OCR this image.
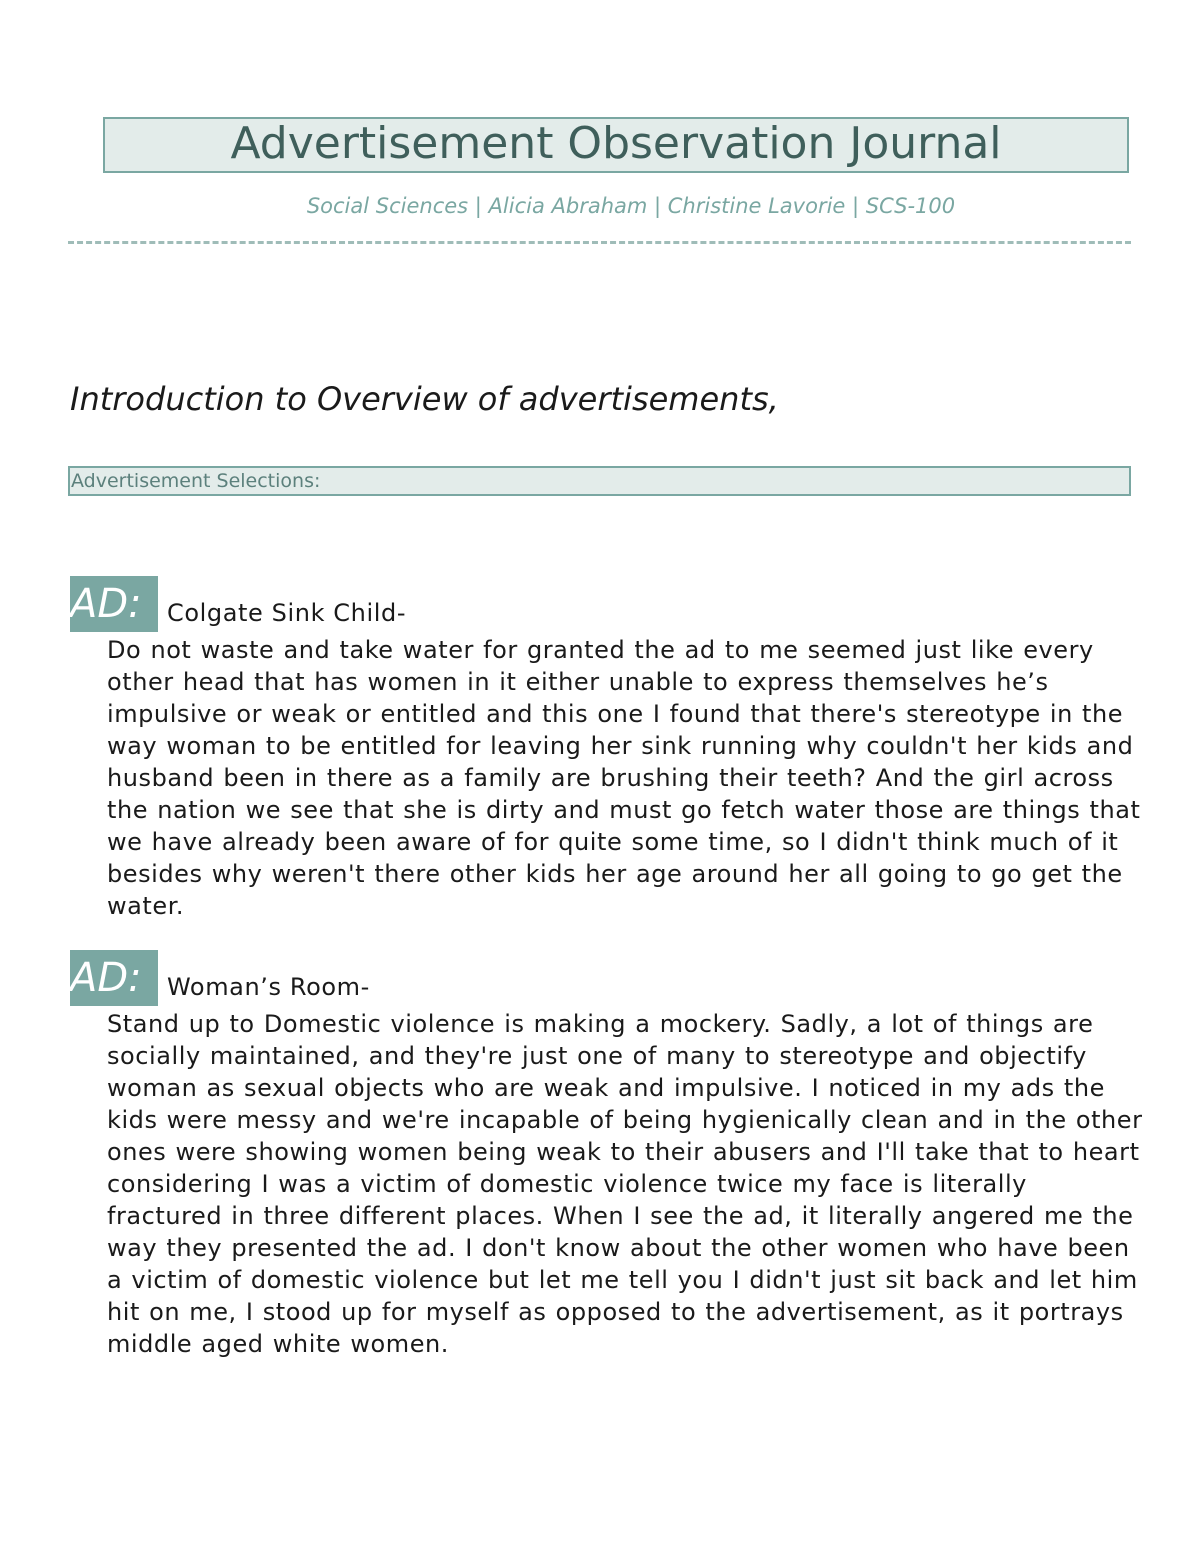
Advertisement Observation Journal
Social Sciences | Alicia Abraham | Christine Lavorie | SCS-100
Introduction to Overview of advertisements,
Advertisement Selections:
AD:	Colgate Sink Child-
Do not waste and take water for granted the ad to me seemed just like every other head that has women in it either unable to express themselves he’s impulsive or weak or entitled and this one I found that there's stereotype in the way woman to be entitled for leaving her sink running why couldn't her kids and husband been in there as a family are brushing their teeth? And the girl across the nation we see that she is dirty and must go fetch water those are things that we have already been aware of for quite some time, so I didn't think much of it besides why weren't there other kids her age around her all going to go get the water.
AD:	Woman’s Room-
Stand up to Domestic violence is making a mockery. Sadly, a lot of things are socially maintained, and they're just one of many to stereotype and objectify woman as sexual objects who are weak and impulsive. I noticed in my ads the kids were messy and we're incapable of being hygienically clean and in the other ones were showing women being weak to their abusers and I'll take that to heart considering I was a victim of domestic violence twice my face is literally fractured in three different places. When I see the ad, it literally angered me the way they presented the ad. I don't know about the other women who have been a victim of domestic violence but let me tell you I didn't just sit back and let him hit on me, I stood up for myself as opposed to the advertisement, as it portrays middle aged white women.
